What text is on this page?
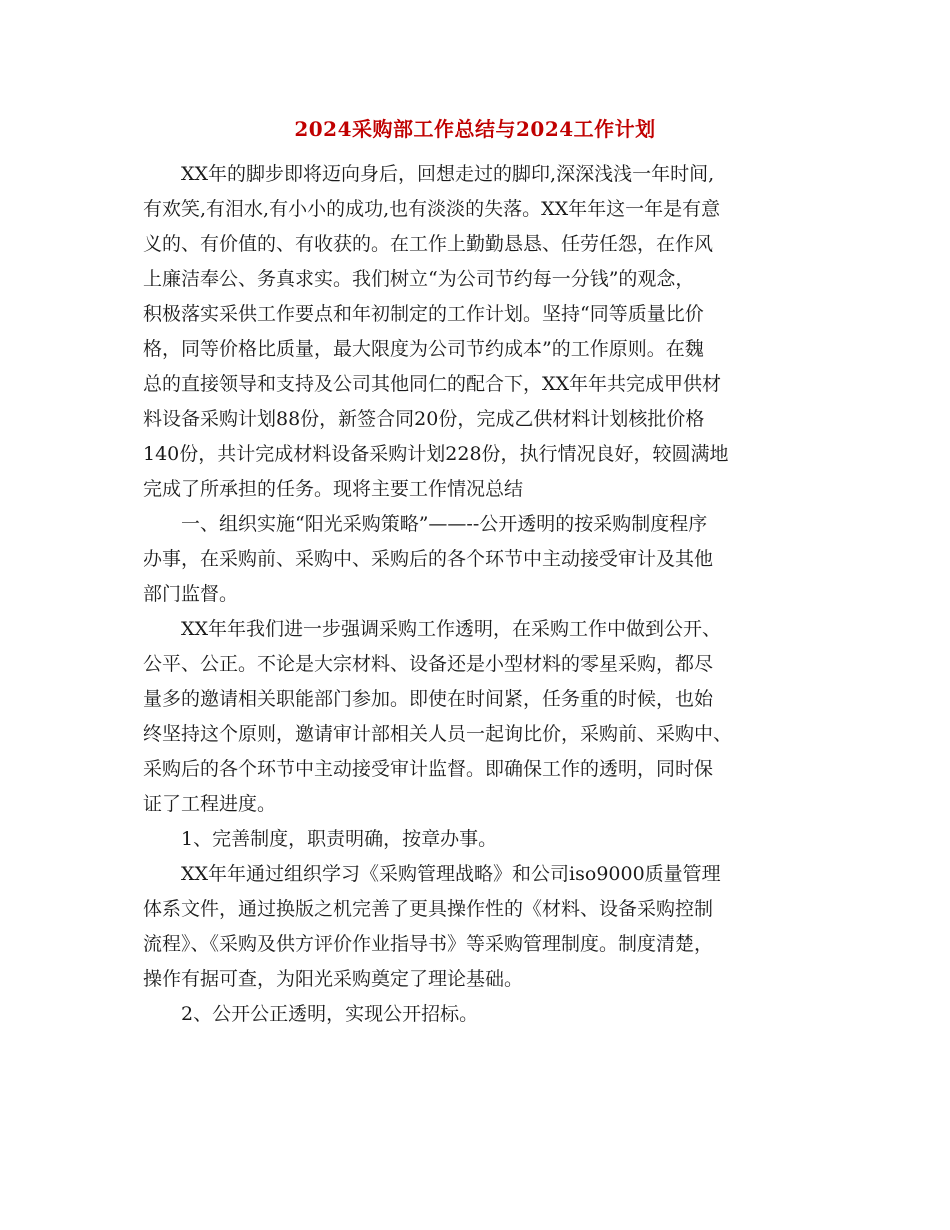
2024采购部工作总结与2024工作计划
XX年的脚步即将迈向身后，回想走过的脚印,深深浅浅一年时间,
有欢笑,有泪水,有小小的成功,也有淡淡的失落。XX年年这一年是有意
义的、有价值的、有收获的。在工作上勤勤恳恳、任劳任怨，在作风
上廉洁奉公、务真求实。我们树立“为公司节约每一分钱”的观念，
积极落实采供工作要点和年初制定的工作计划。坚持“同等质量比价
格，同等价格比质量，最大限度为公司节约成本”的工作原则。在魏
总的直接领导和支持及公司其他同仁的配合下，XX年年共完成甲供材
料设备采购计划88份，新签合同20份，完成乙供材料计划核批价格
140份，共计完成材料设备采购计划228份，执行情况良好，较圆满地
完成了所承担的任务。现将主要工作情况总结
一、组织实施“阳光采购策略”——--公开透明的按采购制度程序
办事，在采购前、采购中、采购后的各个环节中主动接受审计及其他
部门监督。
XX年年我们进一步强调采购工作透明，在采购工作中做到公开、
公平、公正。不论是大宗材料、设备还是小型材料的零星采购，都尽
量多的邀请相关职能部门参加。即使在时间紧，任务重的时候，也始
终坚持这个原则，邀请审计部相关人员一起询比价，采购前、采购中、
采购后的各个环节中主动接受审计监督。即确保工作的透明，同时保
证了工程进度。
1、完善制度，职责明确，按章办事。
XX年年通过组织学习《采购管理战略》和公司iso9000质量管理
体系文件，通过换版之机完善了更具操作性的《材料、设备采购控制
流程》、《采购及供方评价作业指导书》等采购管理制度。制度清楚，
操作有据可查，为阳光采购奠定了理论基础。
2、公开公正透明，实现公开招标。
